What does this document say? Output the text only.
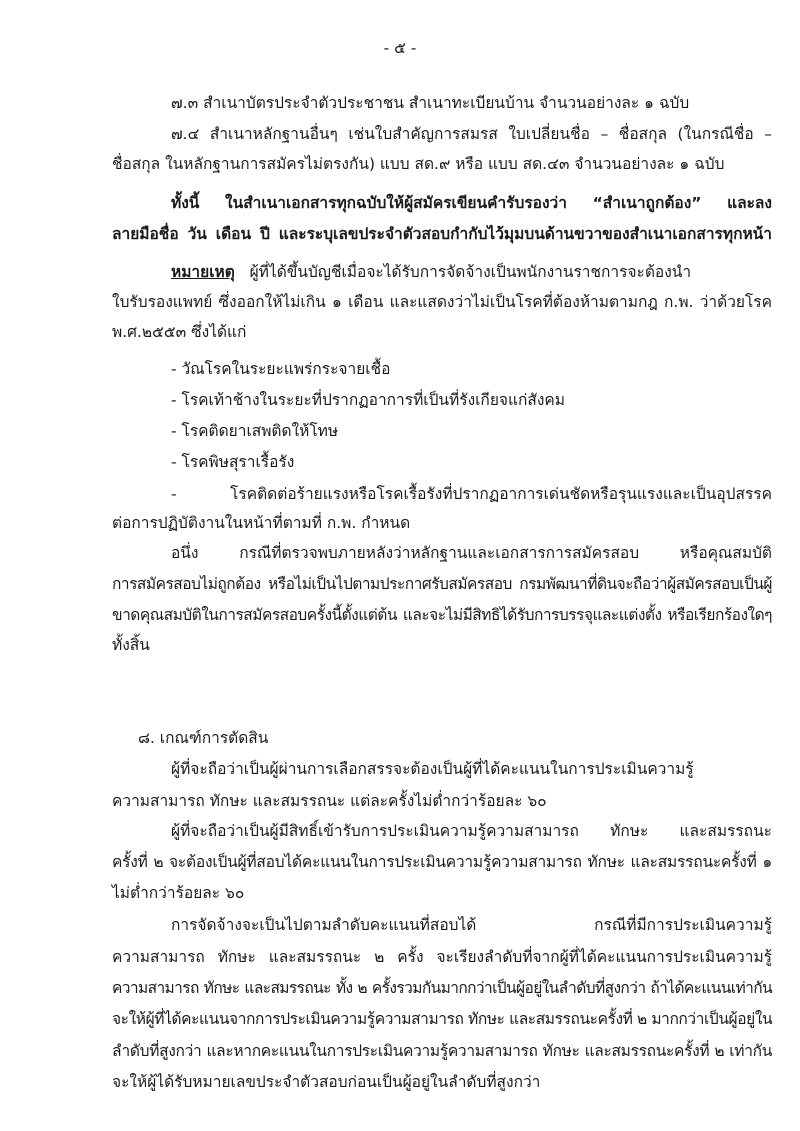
- ๕ -
๗.๓ สำเนาบัตรประจำตัวประชาชน สำเนาทะเบียนบ้าน จำนวนอย่างละ ๑ ฉบับ
๗.๔ สำเนาหลักฐานอื่นๆ เช่นใบสำคัญการสมรส ใบเปลี่ยนชื่อ – ชื่อสกุล (ในกรณีชื่อ –
ชื่อสกุล ในหลักฐานการสมัครไม่ตรงกัน) แบบ สด.๙ หรือ แบบ สด.๔๓ จำนวนอย่างละ ๑ ฉบับ
ทั้งนี้ ในสำเนาเอกสารทุกฉบับให้ผู้สมัครเขียนคำรับรองว่า “สำเนาถูกต้อง” และลง
ลายมือชื่อ วัน เดือน ปี และระบุเลขประจำตัวสอบกำกับไว้มุมบนด้านขวาของสำเนาเอกสารทุกหน้า
หมายเหตุ ผู้ที่ได้ขึ้นบัญชีเมื่อจะได้รับการจัดจ้างเป็นพนักงานราชการจะต้องนำ
ใบรับรองแพทย์ ซึ่งออกให้ไม่เกิน ๑ เดือน และแสดงว่าไม่เป็นโรคที่ต้องห้ามตามกฎ ก.พ. ว่าด้วยโรค
พ.ศ.๒๕๕๓ ซึ่งได้แก่
- วัณโรคในระยะแพร่กระจายเชื้อ
- โรคเท้าช้างในระยะที่ปรากฏอาการที่เป็นที่รังเกียจแก่สังคม
- โรคติดยาเสพติดให้โทษ
- โรคพิษสุราเรื้อรัง
- โรคติดต่อร้ายแรงหรือโรคเรื้อรังที่ปรากฏอาการเด่นชัดหรือรุนแรงและเป็นอุปสรรค
ต่อการปฏิบัติงานในหน้าที่ตามที่ ก.พ. กำหนด
อนึ่ง กรณีที่ตรวจพบภายหลังว่าหลักฐานและเอกสารการสมัครสอบ หรือคุณสมบัติ
การสมัครสอบไม่ถูกต้อง หรือไม่เป็นไปตามประกาศรับสมัครสอบ กรมพัฒนาที่ดินจะถือว่าผู้สมัครสอบเป็นผู้
ขาดคุณสมบัติในการสมัครสอบครั้งนี้ตั้งแต่ต้น และจะไม่มีสิทธิได้รับการบรรจุและแต่งตั้ง หรือเรียกร้องใดๆ
ทั้งสิ้น
๘. เกณฑ์การตัดสิน
ผู้ที่จะถือว่าเป็นผู้ผ่านการเลือกสรรจะต้องเป็นผู้ที่ได้คะแนนในการประเมินความรู้
ความสามารถ ทักษะ และสมรรถนะ แต่ละครั้งไม่ต่ำกว่าร้อยละ ๖๐
ผู้ที่จะถือว่าเป็นผู้มีสิทธิ์เข้ารับการประเมินความรู้ความสามารถ ทักษะ และสมรรถนะ
ครั้งที่ ๒ จะต้องเป็นผู้ที่สอบได้คะแนนในการประเมินความรู้ความสามารถ ทักษะ และสมรรถนะครั้งที่ ๑
ไม่ต่ำกว่าร้อยละ ๖๐
การจัดจ้างจะเป็นไปตามลำดับคะแนนที่สอบได้ กรณีที่มีการประเมินความรู้
ความสามารถ ทักษะ และสมรรถนะ ๒ ครั้ง จะเรียงลำดับที่จากผู้ที่ได้คะแนนการประเมินความรู้
ความสามารถ ทักษะ และสมรรถนะ ทั้ง ๒ ครั้งรวมกันมากกว่าเป็นผู้อยู่ในลำดับที่สูงกว่า ถ้าได้คะแนนเท่ากัน
จะให้ผู้ที่ได้คะแนนจากการประเมินความรู้ความสามารถ ทักษะ และสมรรถนะครั้งที่ ๒ มากกว่าเป็นผู้อยู่ใน
ลำดับที่สูงกว่า และหากคะแนนในการประเมินความรู้ความสามารถ ทักษะ และสมรรถนะครั้งที่ ๒ เท่ากัน
จะให้ผู้ได้รับหมายเลขประจำตัวสอบก่อนเป็นผู้อยู่ในลำดับที่สูงกว่า
